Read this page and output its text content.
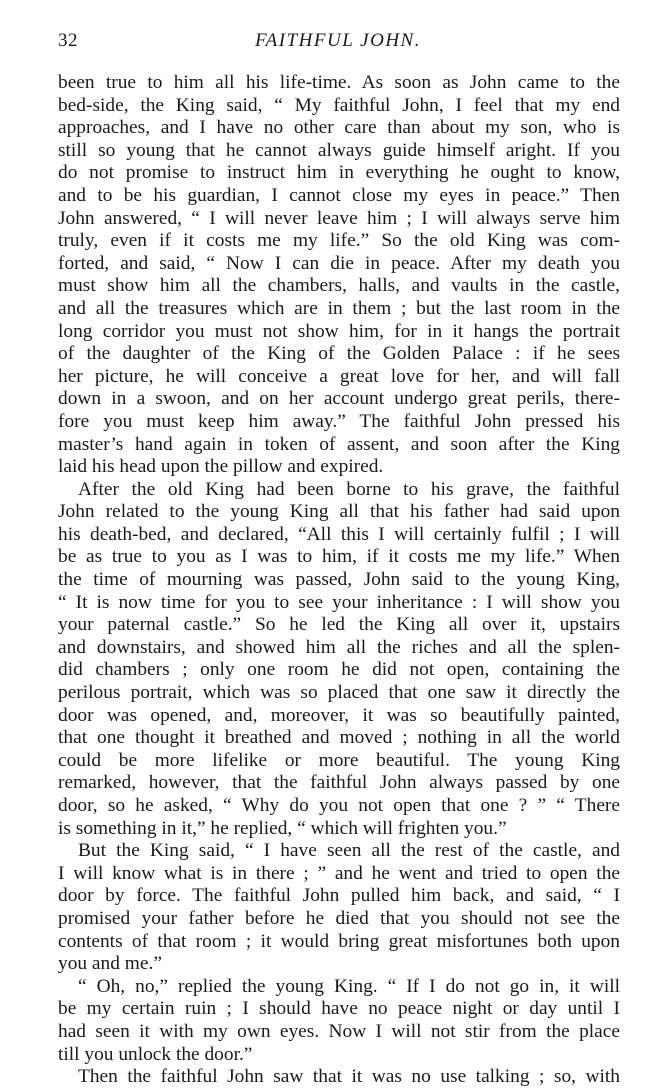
32	FAITHFUL JOHN.
been true to him all his life-time. As soon as John came to the
bed-side, the King said, “ My faithful John, I feel that my end
approaches, and I have no other care than about my son, who is
still so young that he cannot always guide himself aright. If you
do not promise to instruct him in everything he ought to know,
and to be his guardian, I cannot close my eyes in peace.” Then
John answered, “ I will never leave him ; I will always serve him
truly, even if it costs me my life.” So the old King was com-
forted, and said, “ Now I can die in peace. After my death you
must show him all the chambers, halls, and vaults in the castle,
and all the treasures which are in them ; but the last room in the
long corridor you must not show him, for in it hangs the portrait
of the daughter of the King of the Golden Palace : if he sees
her picture, he will conceive a great love for her, and will fall
down in a swoon, and on her account undergo great perils, there-
fore you must keep him away.” The faithful John pressed his
master’s hand again in token of assent, and soon after the King
laid his head upon the pillow and expired.
After the old King had been borne to his grave, the faithful
John related to the young King all that his father had said upon
his death-bed, and declared, “All this I will certainly fulfil ; I will
be as true to you as I was to him, if it costs me my life.” When
the time of mourning was passed, John said to the young King,
“ It is now time for you to see your inheritance : I will show you
your paternal castle.” So he led the King all over it, upstairs
and downstairs, and showed him all the riches and all the splen-
did chambers ; only one room he did not open, containing the
perilous portrait, which was so placed that one saw it directly the
door was opened, and, moreover, it was so beautifully painted,
that one thought it breathed and moved ; nothing in all the world
could be more lifelike or more beautiful. The young King
remarked, however, that the faithful John always passed by one
door, so he asked, “ Why do you not open that one ? ” “ There
is something in it,” he replied, “ which will frighten you.”
But the King said, “ I have seen all the rest of the castle, and
I will know what is in there ; ” and he went and tried to open the
door by force. The faithful John pulled him back, and said, “ I
promised your father before he died that you should not see the
contents of that room ; it would bring great misfortunes both upon
you and me.”
“ Oh, no,” replied the young King. “ If I do not go in, it will
be my certain ruin ; I should have no peace night or day until I
had seen it with my own eyes. Now I will not stir from the place
till you unlock the door.”
Then the faithful John saw that it was no use talking ; so, with
